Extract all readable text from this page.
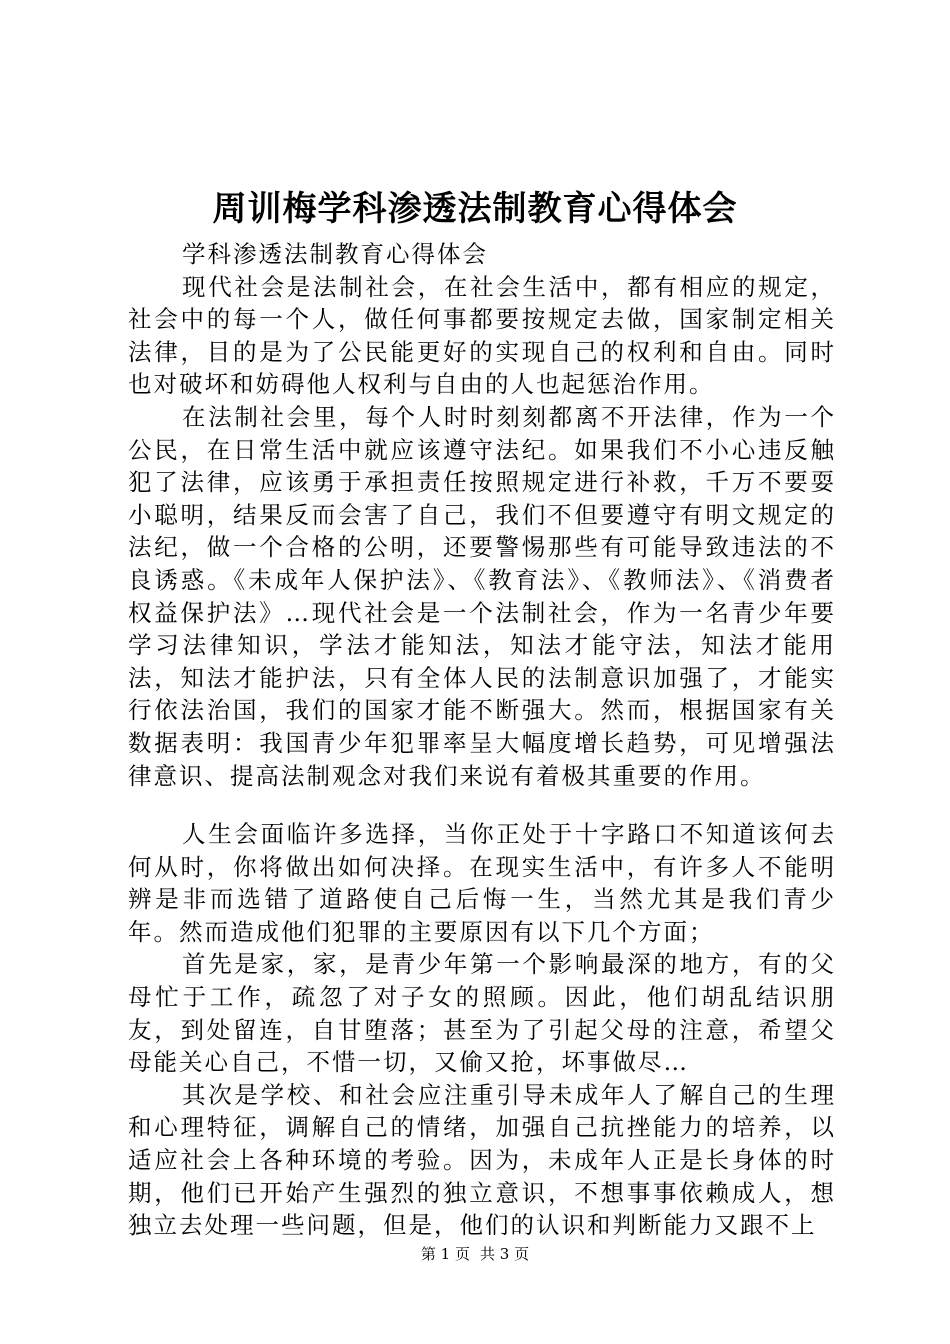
周训梅学科渗透法制教育心得体会

学科渗透法制教育心得体会

现代社会是法制社会，在社会生活中，都有相应的规定，社会中的每一个人，做任何事都要按规定去做，国家制定相关法律，目的是为了公民能更好的实现自己的权利和自由。同时也对破坏和妨碍他人权利与自由的人也起惩治作用。

在法制社会里，每个人时时刻刻都离不开法律，作为一个公民，在日常生活中就应该遵守法纪。如果我们不小心违反触犯了法律，应该勇于承担责任按照规定进行补救，千万不要耍小聪明，结果反而会害了自己，我们不但要遵守有明文规定的法纪，做一个合格的公明，还要警惕那些有可能导致违法的不良诱惑。《未成年人保护法》、《教育法》、《教师法》、《消费者权益保护法》…现代社会是一个法制社会，作为一名青少年要学习法律知识，学法才能知法，知法才能守法，知法才能用法，知法才能护法，只有全体人民的法制意识加强了，才能实行依法治国，我们的国家才能不断强大。然而，根据国家有关数据表明：我国青少年犯罪率呈大幅度增长趋势，可见增强法律意识、提高法制观念对我们来说有着极其重要的作用。

人生会面临许多选择，当你正处于十字路口不知道该何去何从时，你将做出如何决择。在现实生活中，有许多人不能明辨是非而选错了道路使自己后悔一生，当然尤其是我们青少年。然而造成他们犯罪的主要原因有以下几个方面；

首先是家，家，是青少年第一个影响最深的地方，有的父母忙于工作，疏忽了对子女的照顾。因此，他们胡乱结识朋友，到处留连，自甘堕落；甚至为了引起父母的注意，希望父母能关心自己，不惜一切，又偷又抢，坏事做尽…

其次是学校、和社会应注重引导未成年人了解自己的生理和心理特征，调解自己的情绪，加强自己抗挫能力的培养，以适应社会上各种环境的考验。因为，未成年人正是长身体的时期，他们已开始产生强烈的独立意识，不想事事依赖成人，想独立去处理一些问题，但是，他们的认识和判断能力又跟不上

第 1 页 共 3 页
